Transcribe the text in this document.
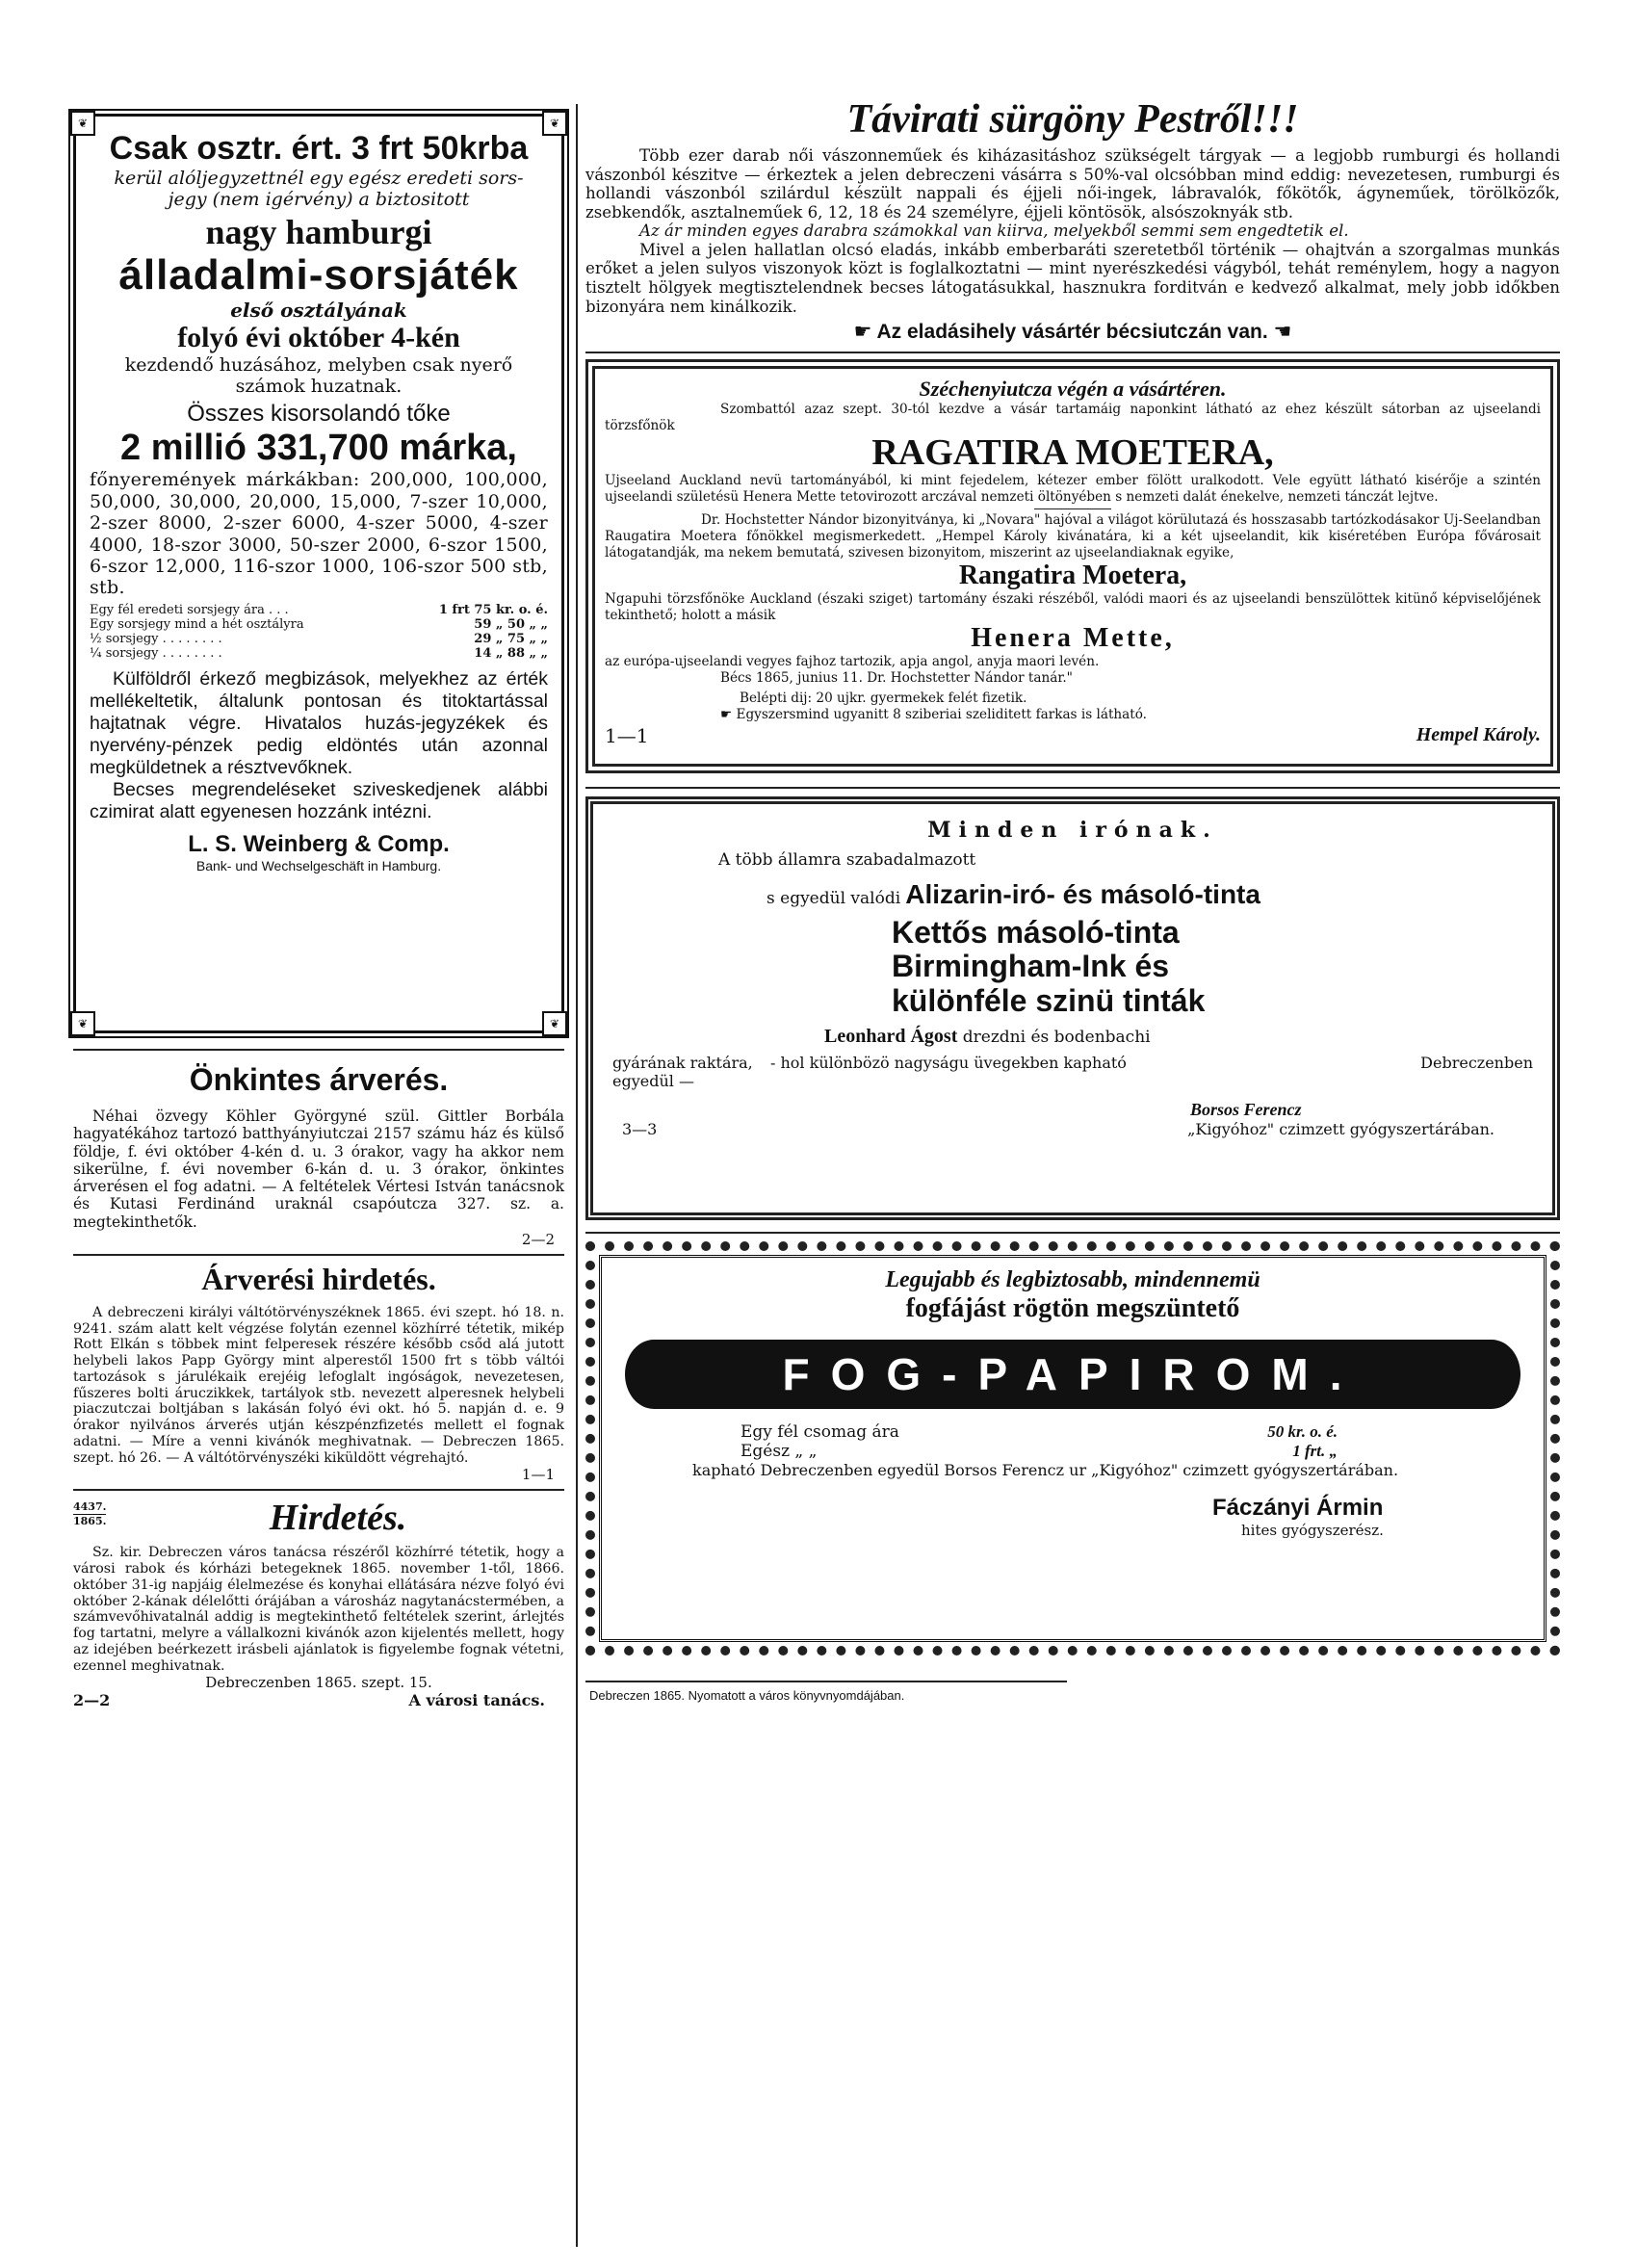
❦	❦
❦	❦

Csak osztr. ért. 3 frt 50krba

kerül alóljegyzettnél egy egész eredeti sors-

jegy (nem igérvény) a biztositott

nagy hamburgi

álladalmi-sorsjáték

első osztályának

folyó évi október 4-kén

kezdendő huzásához, melyben csak nyerő

számok huzatnak.

Összes kisorsolandó tőke

2 millió 331,700 márka,

főnyeremények márkákban: 200,000, 100,000, 50,000, 30,000, 20,000, 15,000, 7-szer 10,000, 2-szer 8000, 2-szer 6000, 4-szer 5000, 4-szer 4000, 18-szor 3000, 50-szer 2000, 6-szor 1500, 6-szor 12,000, 116-szor 1000, 106-szor 500 stb, stb.

Egy fél eredeti sorsjegy ára . . .	1 frt 75 kr. o. é.
Egy sorsjegy mind a hét osztályra	59 „ 50 „ „
½ sorsjegy . . . . . . . .	29 „ 75 „ „
¼ sorsjegy . . . . . . . .	14 „ 88 „ „

Külföldről érkező megbizások, melyekhez az érték mellékeltetik, általunk pontosan és titoktartással hajtatnak végre. Hivatalos huzás-jegyzékek és nyervény-pénzek pedig eldöntés után azonnal megküldetnek a résztvevőknek.

Becses megrendeléseket sziveskedjenek alábbi czimirat alatt egyenesen hozzánk intézni.

L. S. Weinberg & Comp.

Bank- und Wechselgeschäft in Hamburg.

Önkintes árverés.

Néhai özvegy Köhler Györgyné szül. Gittler Borbála hagyatékához tartozó batthyányiutczai 2157 számu ház és külső földje, f. évi október 4-kén d. u. 3 órakor, vagy ha akkor nem sikerülne, f. évi november 6-kán d. u. 3 órakor, önkintes árverésen el fog adatni. — A feltételek Vértesi István tanácsnok és Kutasi Ferdinánd uraknál csapóutcza 327. sz. a. megtekinthetők.

2—2

Árverési hirdetés.

A debreczeni királyi váltótörvényszéknek 1865. évi szept. hó 18. n. 9241. szám alatt kelt végzése folytán ezennel közhírré tétetik, mikép Rott Elkán s többek mint felperesek részére később csőd alá jutott helybeli lakos Papp György mint alperestől 1500 frt s több váltói tartozások s járulékaik erejéig lefoglalt ingóságok, nevezetesen, fűszeres bolti áruczikkek, tartályok stb. nevezett alperesnek helybeli piaczutczai boltjában s lakásán folyó évi okt. hó 5. napján d. e. 9 órakor nyilvános árverés utján készpénzfizetés mellett el fognak adatni. — Míre a venni kivánók meghivatnak. — Debreczen 1865. szept. hó 26. — A váltótörvényszéki kiküldött végrehajtó.

1—1

4437.
1865.	Hirdetés.

Sz. kir. Debreczen város tanácsa részéről közhírré tétetik, hogy a városi rabok és kórházi betegeknek 1865. november 1-től, 1866. október 31-ig napjáig élelmezése és konyhai ellátására nézve folyó évi október 2-kának délelőtti órájában a városház nagytanácstermében, a számvevőhivatalnál addig is megtekinthető feltételek szerint, árlejtés fog tartatni, melyre a vállalkozni kivánók azon kijelentés mellett, hogy az idejében beérkezett irásbeli ajánlatok is figyelembe fognak vétetni, ezennel meghivatnak.

Debreczenben 1865. szept. 15.

2—2	A városi tanács.

Távirati sürgöny Pestről!!!

Több ezer darab női vászonneműek és kiházasitáshoz szükségelt tárgyak — a legjobb rumburgi és hollandi vászonból készitve — érkeztek a jelen debreczeni vásárra s 50%-val olcsóbban mind eddig: nevezetesen, rumburgi és hollandi vászonból szilárdul készült nappali és éjjeli női-ingek, lábravalók, főkötők, ágyneműek, törölközők, zsebkendők, asztalneműek 6, 12, 18 és 24 személyre, éjjeli köntösök, alsószoknyák stb.

Az ár minden egyes darabra számokkal van kiirva, melyekből semmi sem engedtetik el.

Mivel a jelen hallatlan olcsó eladás, inkább emberbaráti szeretetből történik — ohajtván a szorgalmas munkás erőket a jelen sulyos viszonyok közt is foglalkoztatni — mint nyerészkedési vágyból, tehát reménylem, hogy a nagyon tisztelt hölgyek megtisztelendnek becses látogatásukkal, hasznukra forditván e kedvező alkalmat, mely jobb időkben bizonyára nem kinálkozik.

☛ Az eladásihely vásártér bécsiutczán van. ☚

Széchenyiutcza végén a vásártéren.

Szombattól azaz szept. 30-tól kezdve a vásár tartamáig naponkint látható az ehez készült sátorban az ujseelandi törzsfőnök

RAGATIRA MOETERA,

Ujseeland Auckland nevü tartományából, ki mint fejedelem, kétezer ember fölött uralkodott. Vele együtt látható kisérője a szintén ujseelandi születésü Henera Mette tetovirozott arczával nemzeti öltönyében s nemzeti dalát énekelve, nemzeti tánczát lejtve.

Dr. Hochstetter Nándor bizonyitványa, ki „Novara" hajóval a világot körülutazá és hosszasabb tartózkodásakor Uj-Seelandban Raugatira Moetera főnökkel megismerkedett. „Hempel Károly kivánatára, ki a két ujseelandit, kik kiséretében Európa fővárosait látogatandják, ma nekem bemutatá, szivesen bizonyitom, miszerint az ujseelandiaknak egyike,

Rangatira Moetera,

Ngapuhi törzsfőnöke Auckland (északi sziget) tartomány északi részéből, valódi maori és az ujseelandi benszülöttek kitünő képviselőjének tekinthető; holott a másik

Henera Mette,

az európa-ujseelandi vegyes fajhoz tartozik, apja angol, anyja maori levén.

Bécs 1865, junius 11. Dr. Hochstetter Nándor tanár."

Belépti dij: 20 ujkr. gyermekek felét fizetik.

☛ Egyszersmind ugyanitt 8 sziberiai szeliditett farkas is látható.

1—1	Hempel Károly.

Minden irónak.

A több államra szabadalmazott

s egyedül valódi Alizarin-iró- és másoló-tinta

Kettős másoló-tinta

Birmingham-Ink és

különféle szinü tinták

Leonhard Ágost drezdni és bodenbachi

gyárának raktára, egyedül —
- hol különbözö nagyságu üvegekben kapható	Debreczenben

Borsos Ferencz

3—3	„Kigyóhoz" czimzett gyógyszertárában.

Legujabb és legbiztosabb, mindennemü

fogfájást rögtön megszüntető

FOG-PAPIROM.
Egy fél csomag ára	50 kr. o. é.
Egész „ „	1 frt. „

kapható Debreczenben egyedül Borsos Ferencz ur „Kigyóhoz" czimzett gyógyszertárában.

Fáczányi Ármin

hites gyógyszerész.

Debreczen 1865. Nyomatott a város könyvnyomdájában.
